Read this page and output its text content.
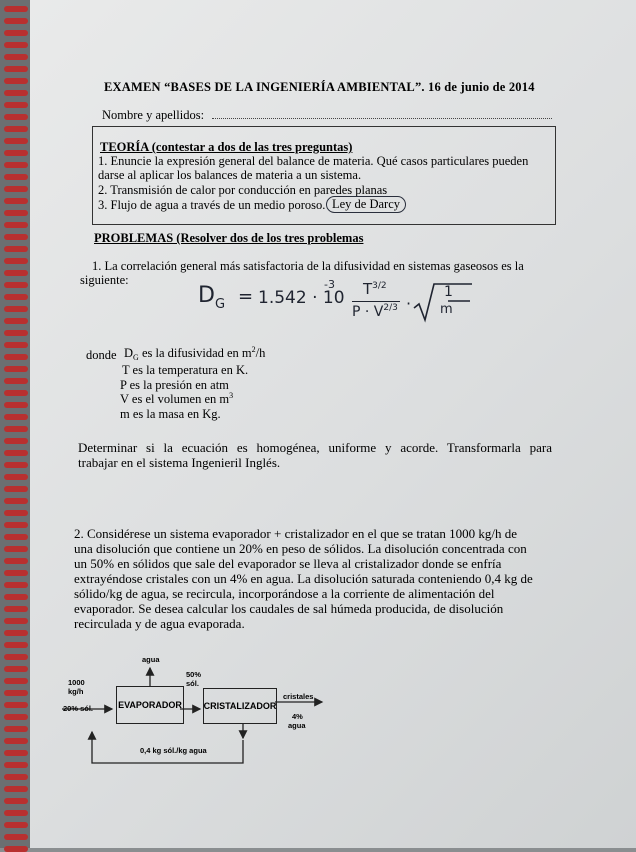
EXAMEN “BASES DE LA INGENIERÍA AMBIENTAL”. 16 de junio de 2014
Nombre y apellidos:
TEORÍA (contestar a dos de las tres preguntas)
1. Enuncie la expresión general del balance de materia. Qué casos particulares pueden
darse al aplicar los balances de materia a un sistema.
2. Transmisión de calor por conducción en paredes planas
3. Flujo de agua a través de un medio poroso. Ley de Darcy
PROBLEMAS (Resolver dos de los tres problemas
1. La correlación general más satisfactoria de la difusividad en sistemas gaseosos es la
siguiente:
$D_G = 1.542 \cdot 10$
-3 $T^{3/2}$
$P \cdot V^{2/3}$ ·
1
m
donde $D_G$ es la difusividad en $m^2/h$
T es la temperatura en K.
P es la presión en atm
V es el volumen en $m^3$
m es la masa en Kg.
Determinar si la ecuación es homogénea, uniforme y acorde. Transformarla para
trabajar en el sistema Ingenieril Inglés.
2. Considérese un sistema evaporador + cristalizador en el que se tratan 1000 kg/h de
una disolución que contiene un 20% en peso de sólidos. La disolución concentrada con
un 50% en sólidos que sale del evaporador se lleva al cristalizador donde se enfría
extrayéndose cristales con un 4% en agua. La disolución saturada conteniendo 0,4 kg de
sólido/kg de agua, se recircula, incorporándose a la corriente de alimentación del
evaporador. Se desea calcular los caudales de sal húmeda producida, de disolución
recirculada y de agua evaporada.
EVAPORADOR CRISTALIZADOR
1000
kg/h
20% sól.
agua
50%
sól.
cristales
4%
agua
0,4 kg sól./kg agua
